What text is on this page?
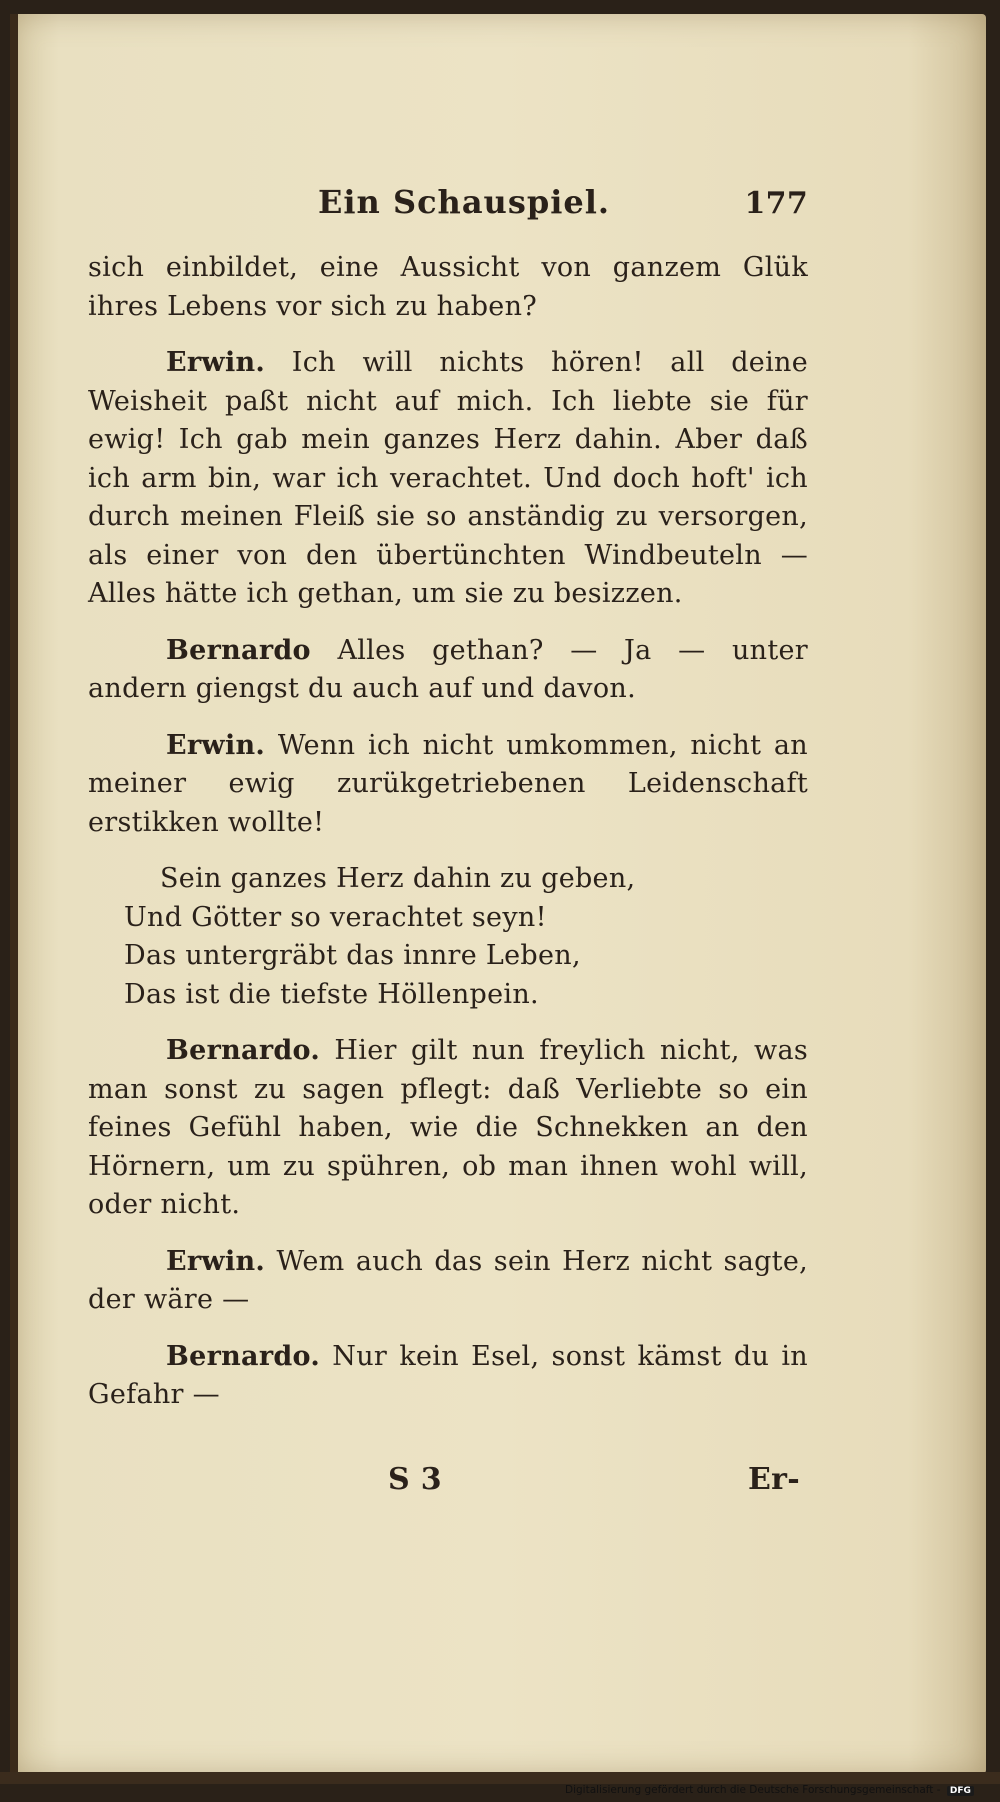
Ein Schauspiel.	177

sich einbildet, eine Aussicht von ganzem Glük ihres Lebens vor sich zu haben?

Erwin. Ich will nichts hören! all deine Weisheit paßt nicht auf mich. Ich liebte sie für ewig! Ich gab mein ganzes Herz dahin. Aber daß ich arm bin, war ich verachtet. Und doch hoft' ich durch meinen Fleiß sie so anständig zu versorgen, als einer von den übertünchten Windbeuteln — Alles hätte ich gethan, um sie zu besizzen.

Bernardo Alles gethan? — Ja — unter andern giengst du auch auf und davon.

Erwin. Wenn ich nicht umkommen, nicht an meiner ewig zurükgetriebenen Leidenschaft erstikken wollte!

Sein ganzes Herz dahin zu geben,
Und Götter so verachtet seyn!
Das untergräbt das innre Leben,
Das ist die tiefste Höllenpein.

Bernardo. Hier gilt nun freylich nicht, was man sonst zu sagen pflegt: daß Verliebte so ein feines Gefühl haben, wie die Schnekken an den Hörnern, um zu spühren, ob man ihnen wohl will, oder nicht.

Erwin. Wem auch das sein Herz nicht sagte, der wäre —

Bernardo. Nur kein Esel, sonst kämst du in Gefahr —

S 3	Er-
Digitalisierung gefördert durch die Deutsche Forschungsgemeinschaft - DFG
